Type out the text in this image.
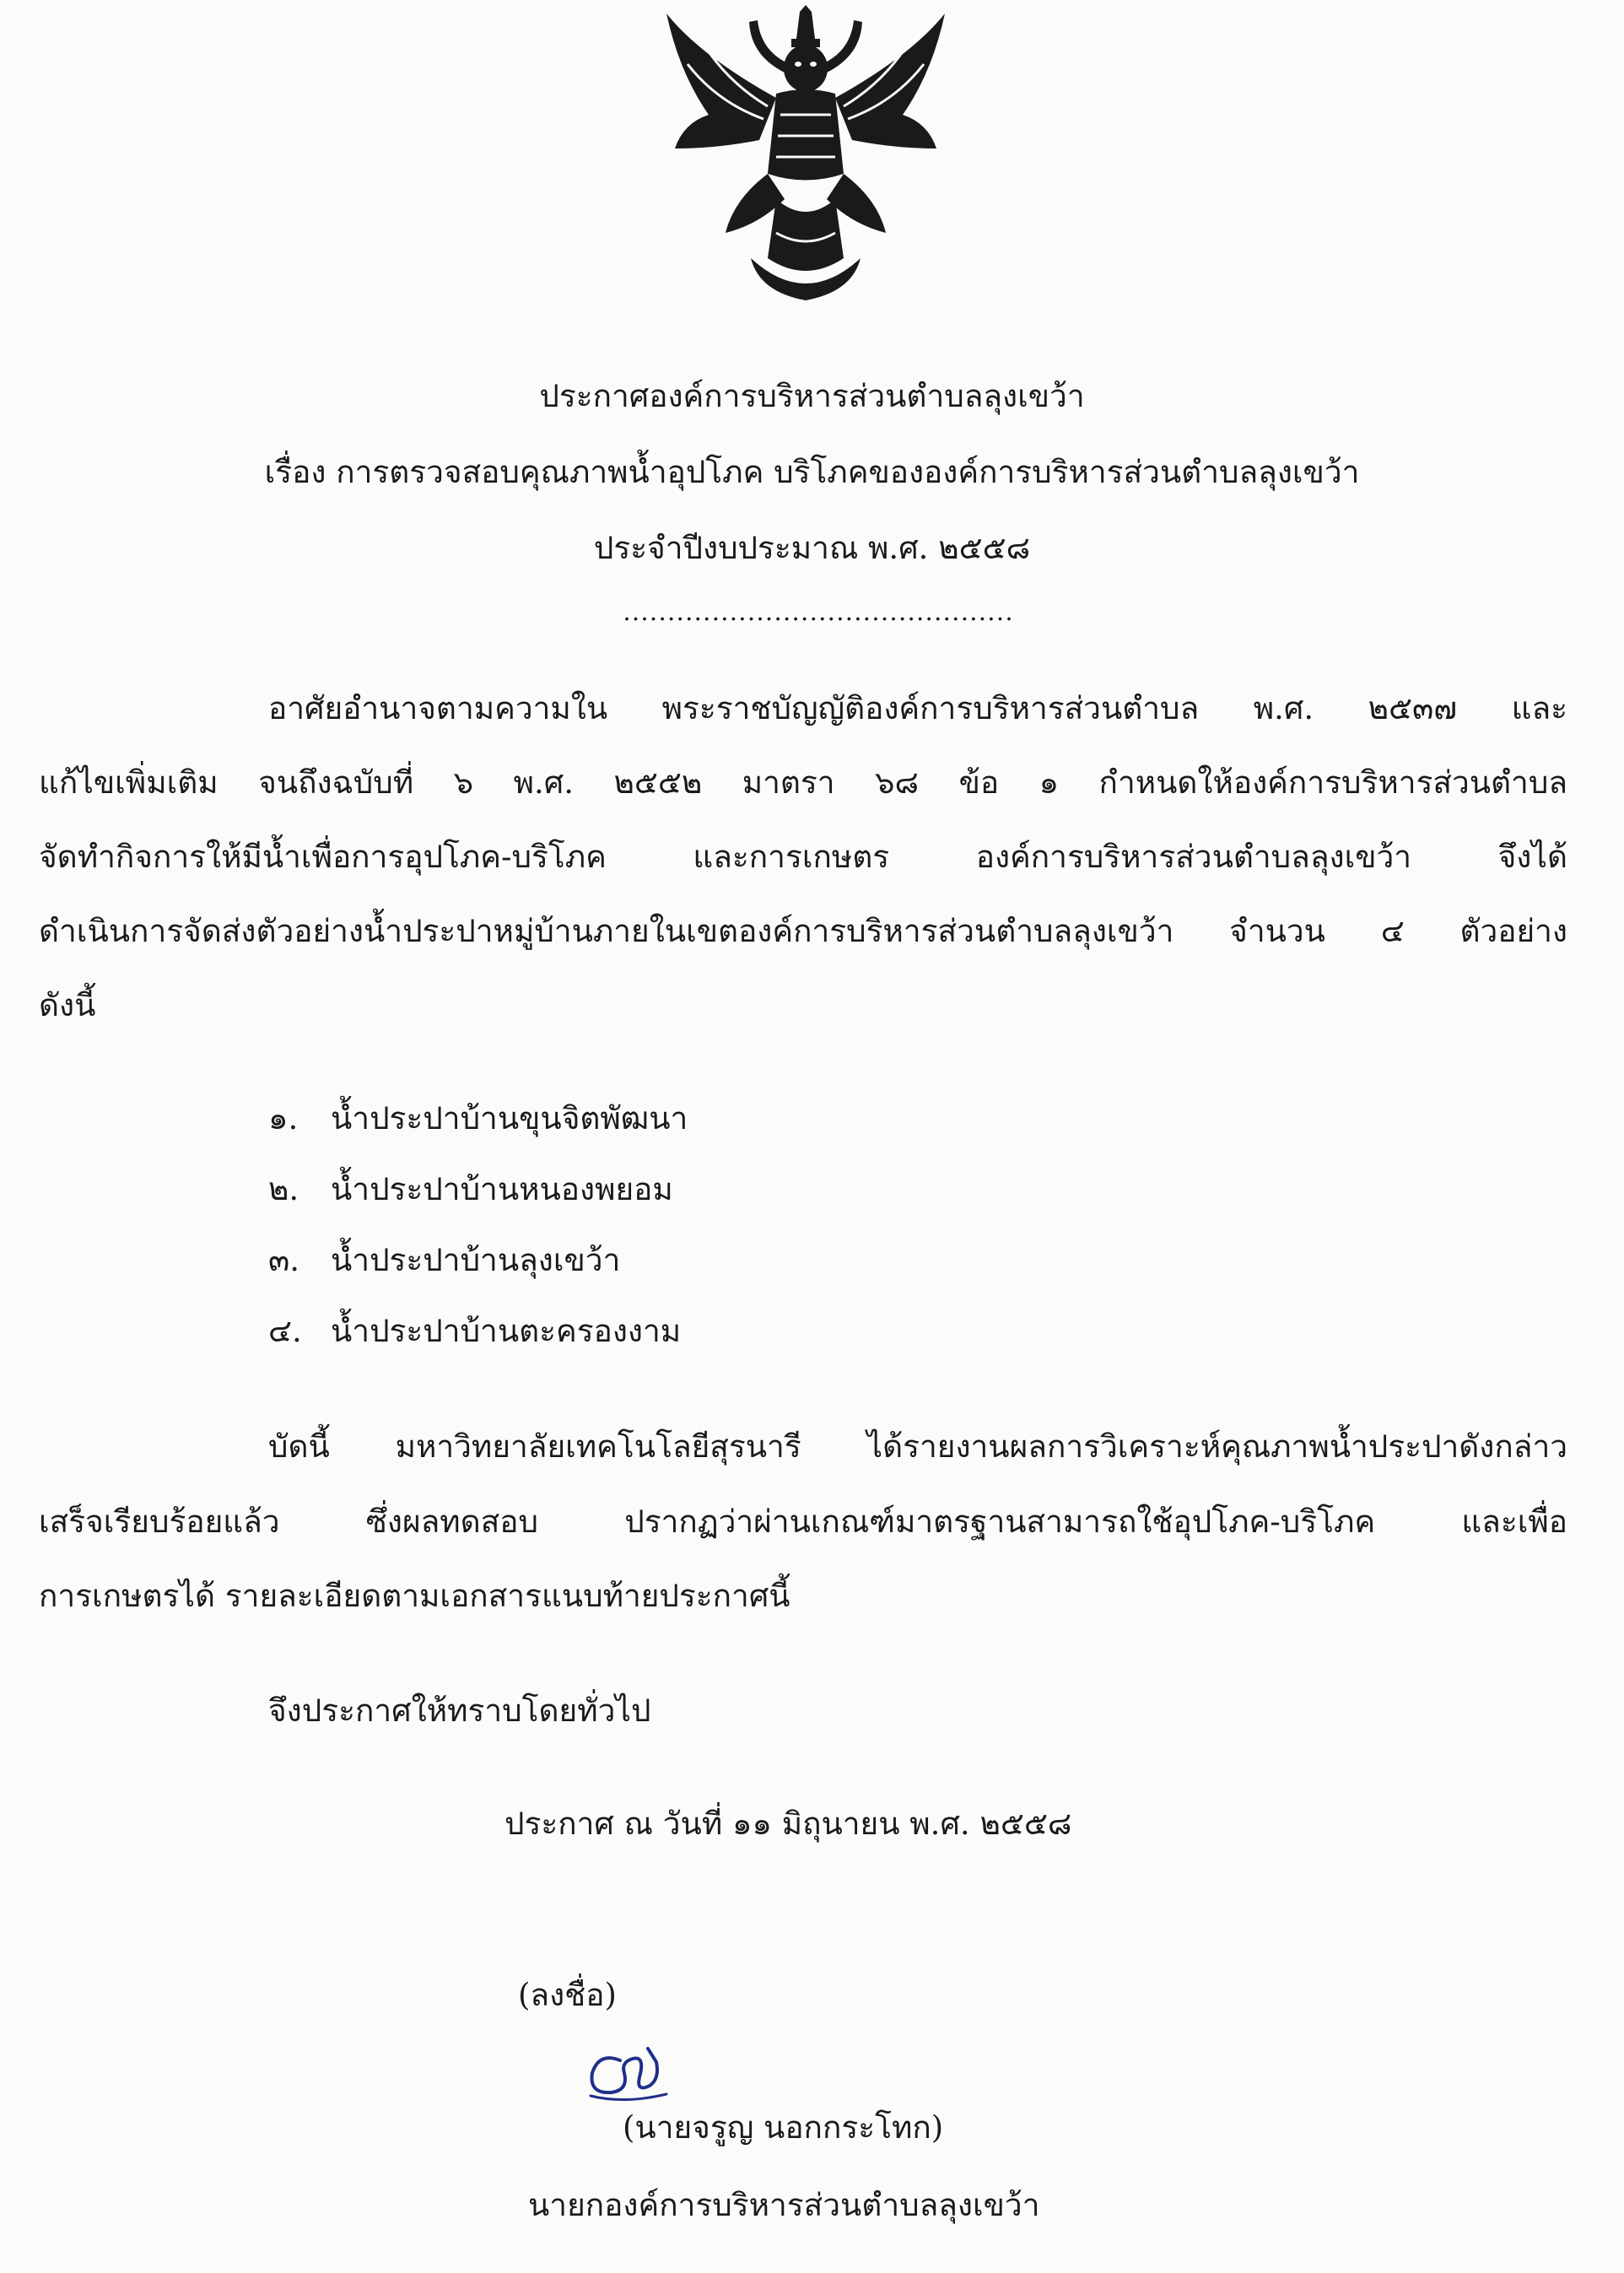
ประกาศองค์การบริหารส่วนตำบลลุงเขว้า
เรื่อง การตรวจสอบคุณภาพน้ำอุปโภค บริโภคขององค์การบริหารส่วนตำบลลุงเขว้า
ประจำปีงบประมาณ พ.ศ. ๒๕๕๘
............................................
อาศัยอำนาจตามความใน พระราชบัญญัติองค์การบริหารส่วนตำบล พ.ศ. ๒๕๓๗ และ
แก้ไขเพิ่มเติม จนถึงฉบับที่ ๖ พ.ศ. ๒๕๕๒ มาตรา ๖๘ ข้อ ๑ กำหนดให้องค์การบริหารส่วนตำบล
จัดทำกิจการให้มีน้ำเพื่อการอุปโภค-บริโภค และการเกษตร องค์การบริหารส่วนตำบลลุงเขว้า จึงได้
ดำเนินการจัดส่งตัวอย่างน้ำประปาหมู่บ้านภายในเขตองค์การบริหารส่วนตำบลลุงเขว้า จำนวน ๔ ตัวอย่าง
ดังนี้
๑. น้ำประปาบ้านขุนจิตพัฒนา
๒. น้ำประปาบ้านหนองพยอม
๓. น้ำประปาบ้านลุงเขว้า
๔. น้ำประปาบ้านตะครองงาม
บัดนี้ มหาวิทยาลัยเทคโนโลยีสุรนารี ได้รายงานผลการวิเคราะห์คุณภาพน้ำประปาดังกล่าว
เสร็จเรียบร้อยแล้ว ซึ่งผลทดสอบ ปรากฏว่าผ่านเกณฑ์มาตรฐานสามารถใช้อุปโภค-บริโภค และเพื่อ
การเกษตรได้ รายละเอียดตามเอกสารแนบท้ายประกาศนี้
จึงประกาศให้ทราบโดยทั่วไป
ประกาศ ณ วันที่ ๑๑ มิถุนายน พ.ศ. ๒๕๕๘
(ลงชื่อ)
(นายจรูญ นอกกระโทก)
นายกองค์การบริหารส่วนตำบลลุงเขว้า
